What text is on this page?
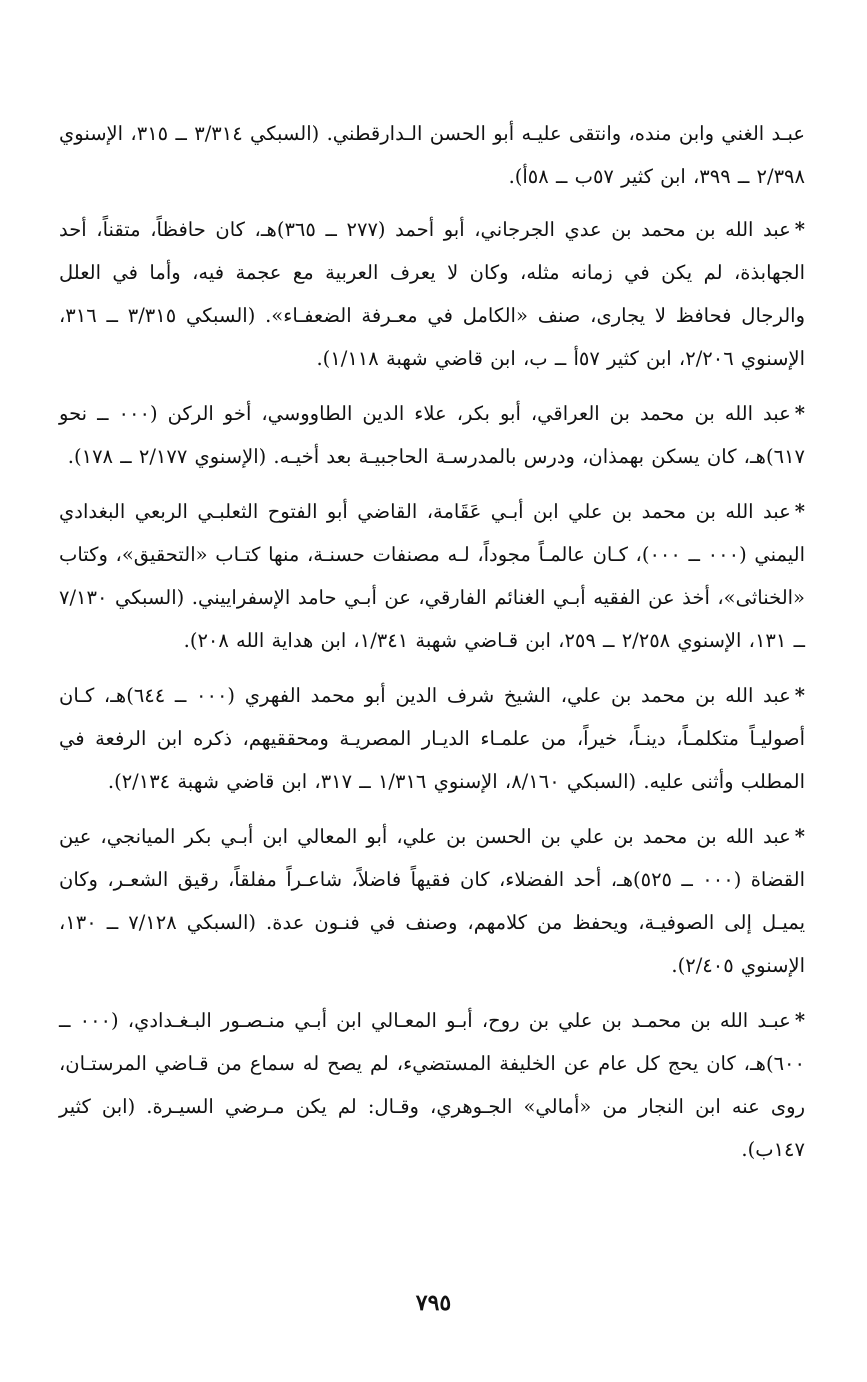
عبـد الغني وابن منده، وانتقى عليـه أبو الحسن الـدارقطني. (السبكي ٣/٣١٤ ــ ٣١٥، الإسنوي ٢/٣٩٨ ــ ٣٩٩، ابن كثير ٥٧ب ــ ٥٨أ).

*عبد الله بن محمد بن عدي الجرجاني، أبو أحمد (٢٧٧ ــ ٣٦٥)هـ، كان حافظاً، متقناً، أحد الجهابذة، لم يكن في زمانه مثله، وكان لا يعرف العربية مع عجمة فيه، وأما في العلل والرجال فحافظ لا يجارى، صنف «الكامل في معـرفة الضعفـاء». (السبكي ٣/٣١٥ ــ ٣١٦، الإسنوي ٢/٢٠٦، ابن كثير ٥٧أ ــ ب، ابن قاضي شهبة ١/١١٨).

*عبد الله بن محمد بن العراقي، أبو بكر، علاء الدين الطاووسي، أخو الركن (٠٠٠ ــ نحو ٦١٧)هـ، كان يسكن بهمذان، ودرس بالمدرسـة الحاجبيـة بعد أخيـه. (الإسنوي ٢/١٧٧ ــ ١٧٨).

*عبد الله بن محمد بن علي ابن أبـي عَقَامة، القاضي أبو الفتوح الثعلبـي الربعي البغدادي اليمني (٠٠٠ ــ ٠٠٠)، كـان عالمـاً مجوداً، لـه مصنفات حسنـة، منها كتـاب «التحقيق»، وكتاب «الخناثى»، أخذ عن الفقيه أبـي الغنائم الفارقي، عن أبـي حامد الإسفراييني. (السبكي ٧/١٣٠ ــ ١٣١، الإسنوي ٢/٢٥٨ ــ ٢٥٩، ابن قـاضي شهبة ١/٣٤١، ابن هداية الله ٢٠٨).

*عبد الله بن محمد بن علي، الشيخ شرف الدين أبو محمد الفهري (٠٠٠ ــ ٦٤٤)هـ، كـان أصوليـاً متكلمـاً، دينـاً، خيراً، من علمـاء الديـار المصريـة ومحققيهم، ذكره ابن الرفعة في المطلب وأثنى عليه. (السبكي ٨/١٦٠، الإسنوي ١/٣١٦ ــ ٣١٧، ابن قاضي شهبة ٢/١٣٤).

*عبد الله بن محمد بن علي بن الحسن بن علي، أبو المعالي ابن أبـي بكر الميانجي، عين القضاة (٠٠٠ ــ ٥٢٥)هـ، أحد الفضلاء، كان فقيهاً فاضلاً، شاعـراً مفلقاً، رقيق الشعـر، وكان يميـل إلى الصوفيـة، ويحفظ من كلامهم، وصنف في فنـون عدة. (السبكي ٧/١٢٨ ــ ١٣٠، الإسنوي ٢/٤٠٥).

*عبـد الله بن محمـد بن علي بن روح، أبـو المعـالي ابن أبـي منـصـور البـغـدادي، (٠٠٠ ــ ٦٠٠)هـ، كان يحج كل عام عن الخليفة المستضيء، لم يصح له سماع من قـاضي المرستـان، روى عنه ابن النجار من «أمالي» الجـوهري، وقـال: لم يكن مـرضي السيـرة. (ابن كثير ١٤٧ب).

٧٩٥
